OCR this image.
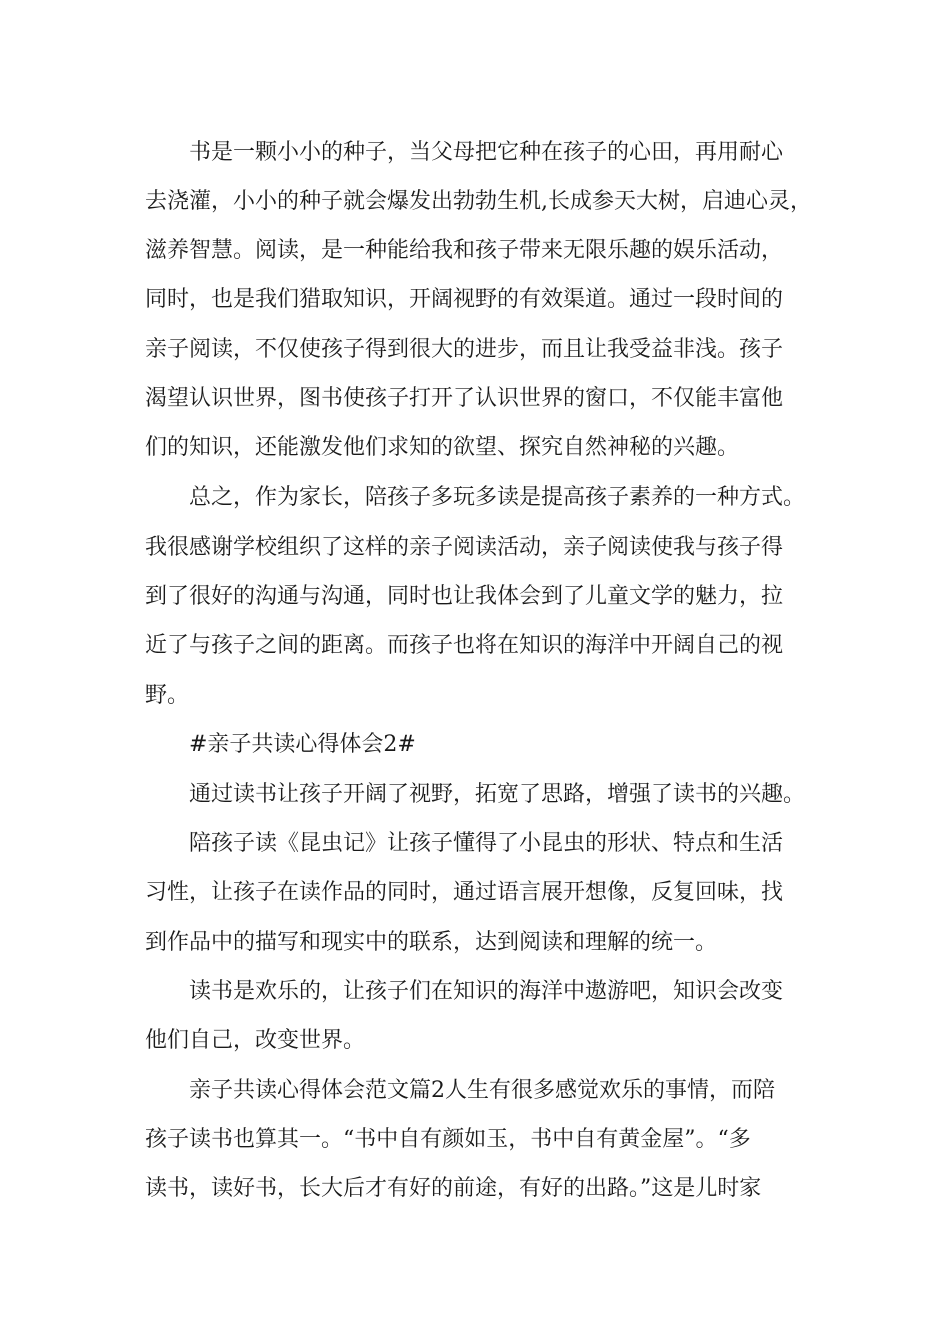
书是一颗小小的种子，当父母把它种在孩子的心田，再用耐心
去浇灌，小小的种子就会爆发出勃勃生机,长成参天大树，启迪心灵，
滋养智慧。阅读，是一种能给我和孩子带来无限乐趣的娱乐活动，
同时，也是我们猎取知识，开阔视野的有效渠道。通过一段时间的
亲子阅读，不仅使孩子得到很大的进步，而且让我受益非浅。孩子
渴望认识世界，图书使孩子打开了认识世界的窗口，不仅能丰富他
们的知识，还能激发他们求知的欲望、探究自然神秘的兴趣。
总之，作为家长，陪孩子多玩多读是提高孩子素养的一种方式。
我很感谢学校组织了这样的亲子阅读活动，亲子阅读使我与孩子得
到了很好的沟通与沟通，同时也让我体会到了儿童文学的魅力，拉
近了与孩子之间的距离。而孩子也将在知识的海洋中开阔自己的视
野。
#亲子共读心得体会2#
通过读书让孩子开阔了视野，拓宽了思路，增强了读书的兴趣。
陪孩子读《昆虫记》让孩子懂得了小昆虫的形状、特点和生活
习性，让孩子在读作品的同时，通过语言展开想像，反复回味，找
到作品中的描写和现实中的联系，达到阅读和理解的统一。
读书是欢乐的，让孩子们在知识的海洋中遨游吧，知识会改变
他们自己，改变世界。
亲子共读心得体会范文篇2人生有很多感觉欢乐的事情，而陪
孩子读书也算其一。“书中自有颜如玉，书中自有黄金屋”。“多
读书，读好书，长大后才有好的前途，有好的出路。”这是儿时家
